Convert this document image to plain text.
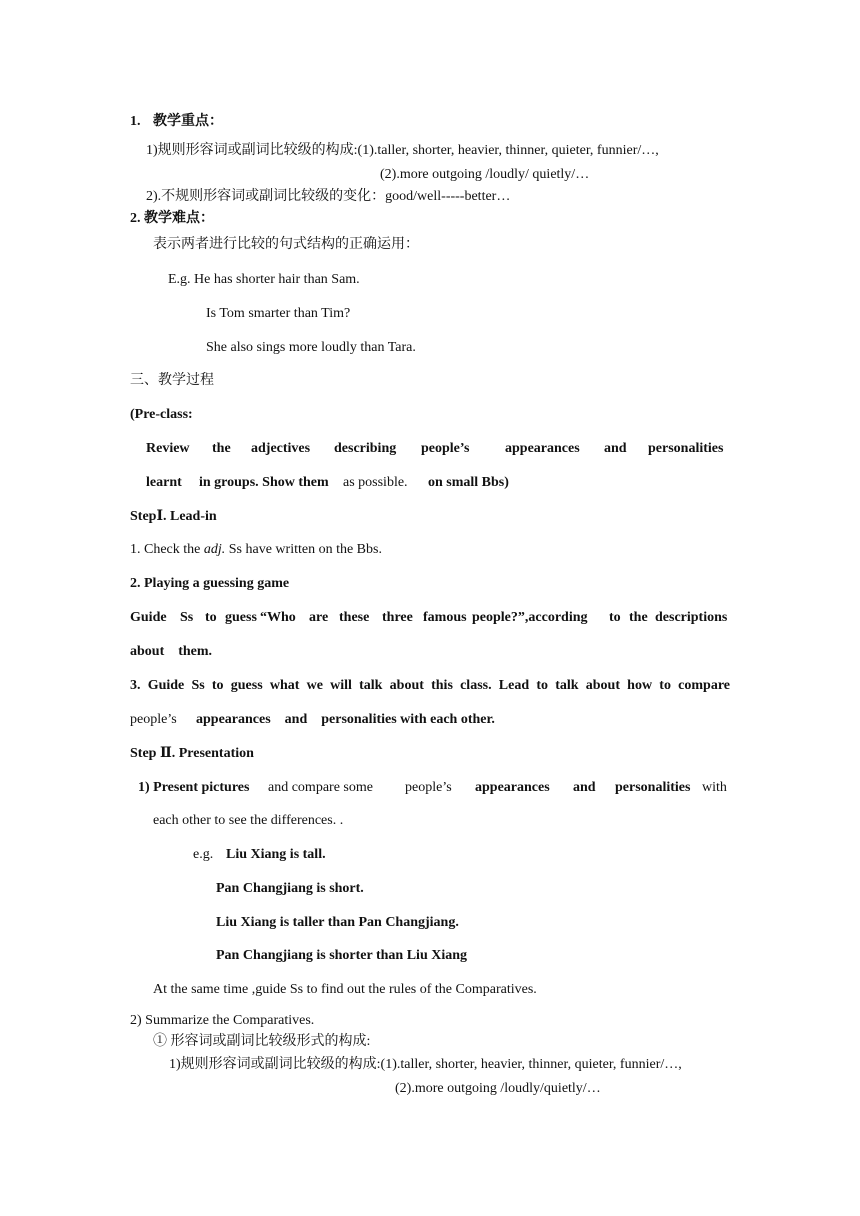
1. 教学重点：
1)规则形容词或副词比较级的构成:(1).taller, shorter, heavier, thinner, quieter, funnier/…,
(2).more outgoing /loudly/ quietly/…
2).不规则形容词或副词比较级的变化：good/well-----better…
2. 教学难点：
表示两者进行比较的句式结构的正确运用：
E.g. He has shorter hair than Sam.
Is Tom smarter than Tim?
She also sings more loudly than Tara.
三、教学过程
(Pre-class:
Review the adjectives describing people’s	appearances and personalities
learnt in groups. Show them as possible. on small Bbs)
StepⅠ. Lead-in
1. Check the adj. Ss have written on the Bbs.
2. Playing a guessing game
Guide Ss to guess “Who are these three famous people?”,according to the descriptions
about    them.
3. Guide Ss to guess what we will talk about this class. Lead to talk about how to compare
people’s appearances    and    personalities with each other.
Step Ⅱ. Presentation
1) Present pictures and compare some people’s appearances and personalities with
each other to see the differences. .
e.g. Liu Xiang is tall.
Pan Changjiang is short.
Liu Xiang is taller than Pan Changjiang.
Pan Changjiang is shorter than Liu Xiang
At the same time ,guide Ss to find out the rules of the Comparatives.
2) Summarize the Comparatives.
① 形容词或副词比较级形式的构成:
1)规则形容词或副词比较级的构成:(1).taller, shorter, heavier, thinner, quieter, funnier/…,
(2).more outgoing /loudly/quietly/…
